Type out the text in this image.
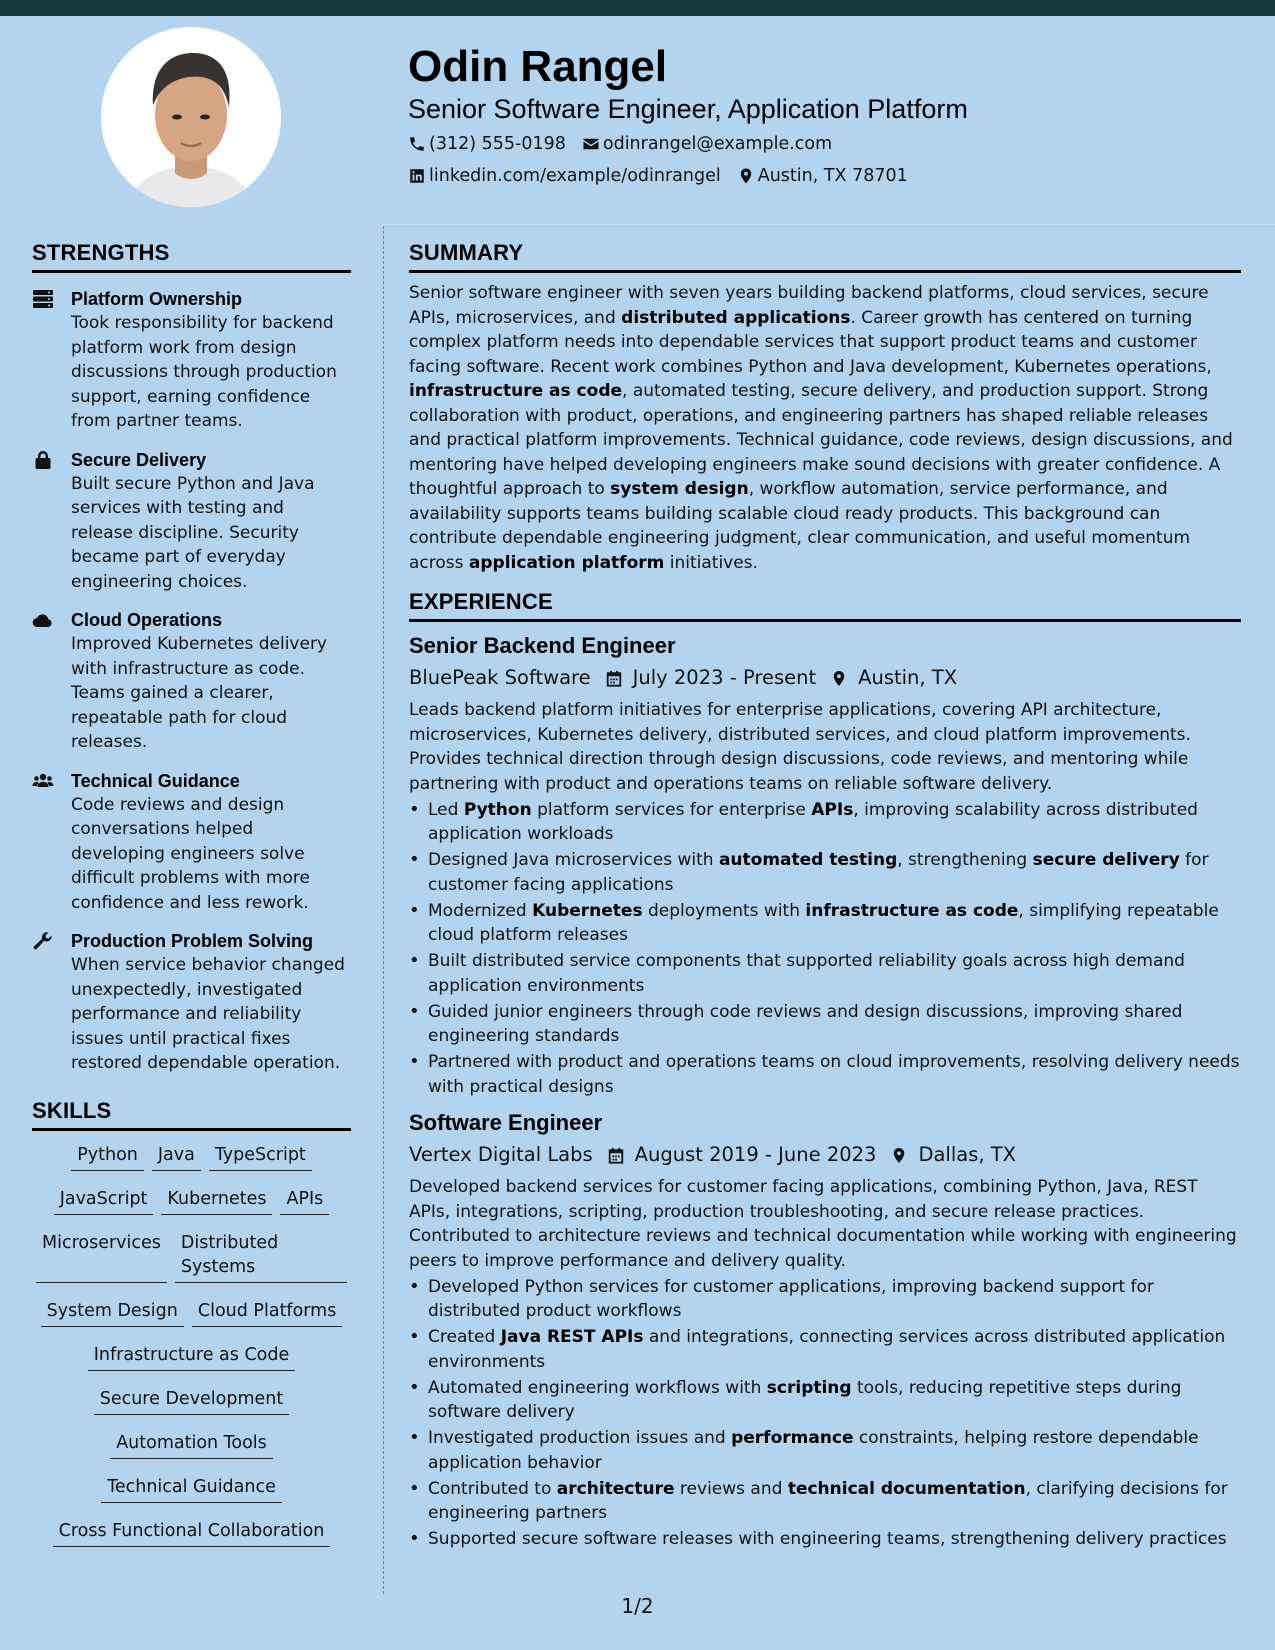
Odin Rangel
Senior Software Engineer, Application Platform
(312) 555-0198 odinrangel@example.com
linkedin.com/example/odinrangel Austin, TX 78701
STRENGTHS
Platform Ownership
Took responsibility for backend platform work from design discussions through production support, earning confidence from partner teams.
Secure Delivery
Built secure Python and Java services with testing and release discipline. Security became part of everyday engineering choices.
Cloud Operations
Improved Kubernetes delivery with infrastructure as code. Teams gained a clearer, repeatable path for cloud releases.
Technical Guidance
Code reviews and design conversations helped developing engineers solve difficult problems with more confidence and less rework.
Production Problem Solving
When service behavior changed unexpectedly, investigated performance and reliability issues until practical fixes restored dependable operation.
SKILLS
Python	Java	TypeScript
JavaScript	Kubernetes	APIs
Microservices	Distributed Systems
System Design	Cloud Platforms
Infrastructure as Code
Secure Development
Automation Tools
Technical Guidance
Cross Functional Collaboration
SUMMARY
Senior software engineer with seven years building backend platforms, cloud services, secure APIs, microservices, and distributed applications. Career growth has centered on turning complex platform needs into dependable services that support product teams and customer facing software. Recent work combines Python and Java development, Kubernetes operations, infrastructure as code, automated testing, secure delivery, and production support. Strong collaboration with product, operations, and engineering partners has shaped reliable releases and practical platform improvements. Technical guidance, code reviews, design discussions, and mentoring have helped developing engineers make sound decisions with greater confidence. A thoughtful approach to system design, workflow automation, service performance, and availability supports teams building scalable cloud ready products. This background can contribute dependable engineering judgment, clear communication, and useful momentum across application platform initiatives.
EXPERIENCE
Senior Backend Engineer
BluePeak Software July 2023 - Present Austin, TX
Leads backend platform initiatives for enterprise applications, covering API architecture, microservices, Kubernetes delivery, distributed services, and cloud platform improvements. Provides technical direction through design discussions, code reviews, and mentoring while partnering with product and operations teams on reliable software delivery.
• Led Python platform services for enterprise APIs, improving scalability across distributed application workloads
• Designed Java microservices with automated testing, strengthening secure delivery for customer facing applications
• Modernized Kubernetes deployments with infrastructure as code, simplifying repeatable cloud platform releases
• Built distributed service components that supported reliability goals across high demand application environments
• Guided junior engineers through code reviews and design discussions, improving shared engineering standards
• Partnered with product and operations teams on cloud improvements, resolving delivery needs with practical designs
Software Engineer
Vertex Digital Labs August 2019 - June 2023 Dallas, TX
Developed backend services for customer facing applications, combining Python, Java, REST APIs, integrations, scripting, production troubleshooting, and secure release practices. Contributed to architecture reviews and technical documentation while working with engineering peers to improve performance and delivery quality.
• Developed Python services for customer applications, improving backend support for distributed product workflows
• Created Java REST APIs and integrations, connecting services across distributed application environments
• Automated engineering workflows with scripting tools, reducing repetitive steps during software delivery
• Investigated production issues and performance constraints, helping restore dependable application behavior
• Contributed to architecture reviews and technical documentation, clarifying decisions for engineering partners
• Supported secure software releases with engineering teams, strengthening delivery practices
1/2
